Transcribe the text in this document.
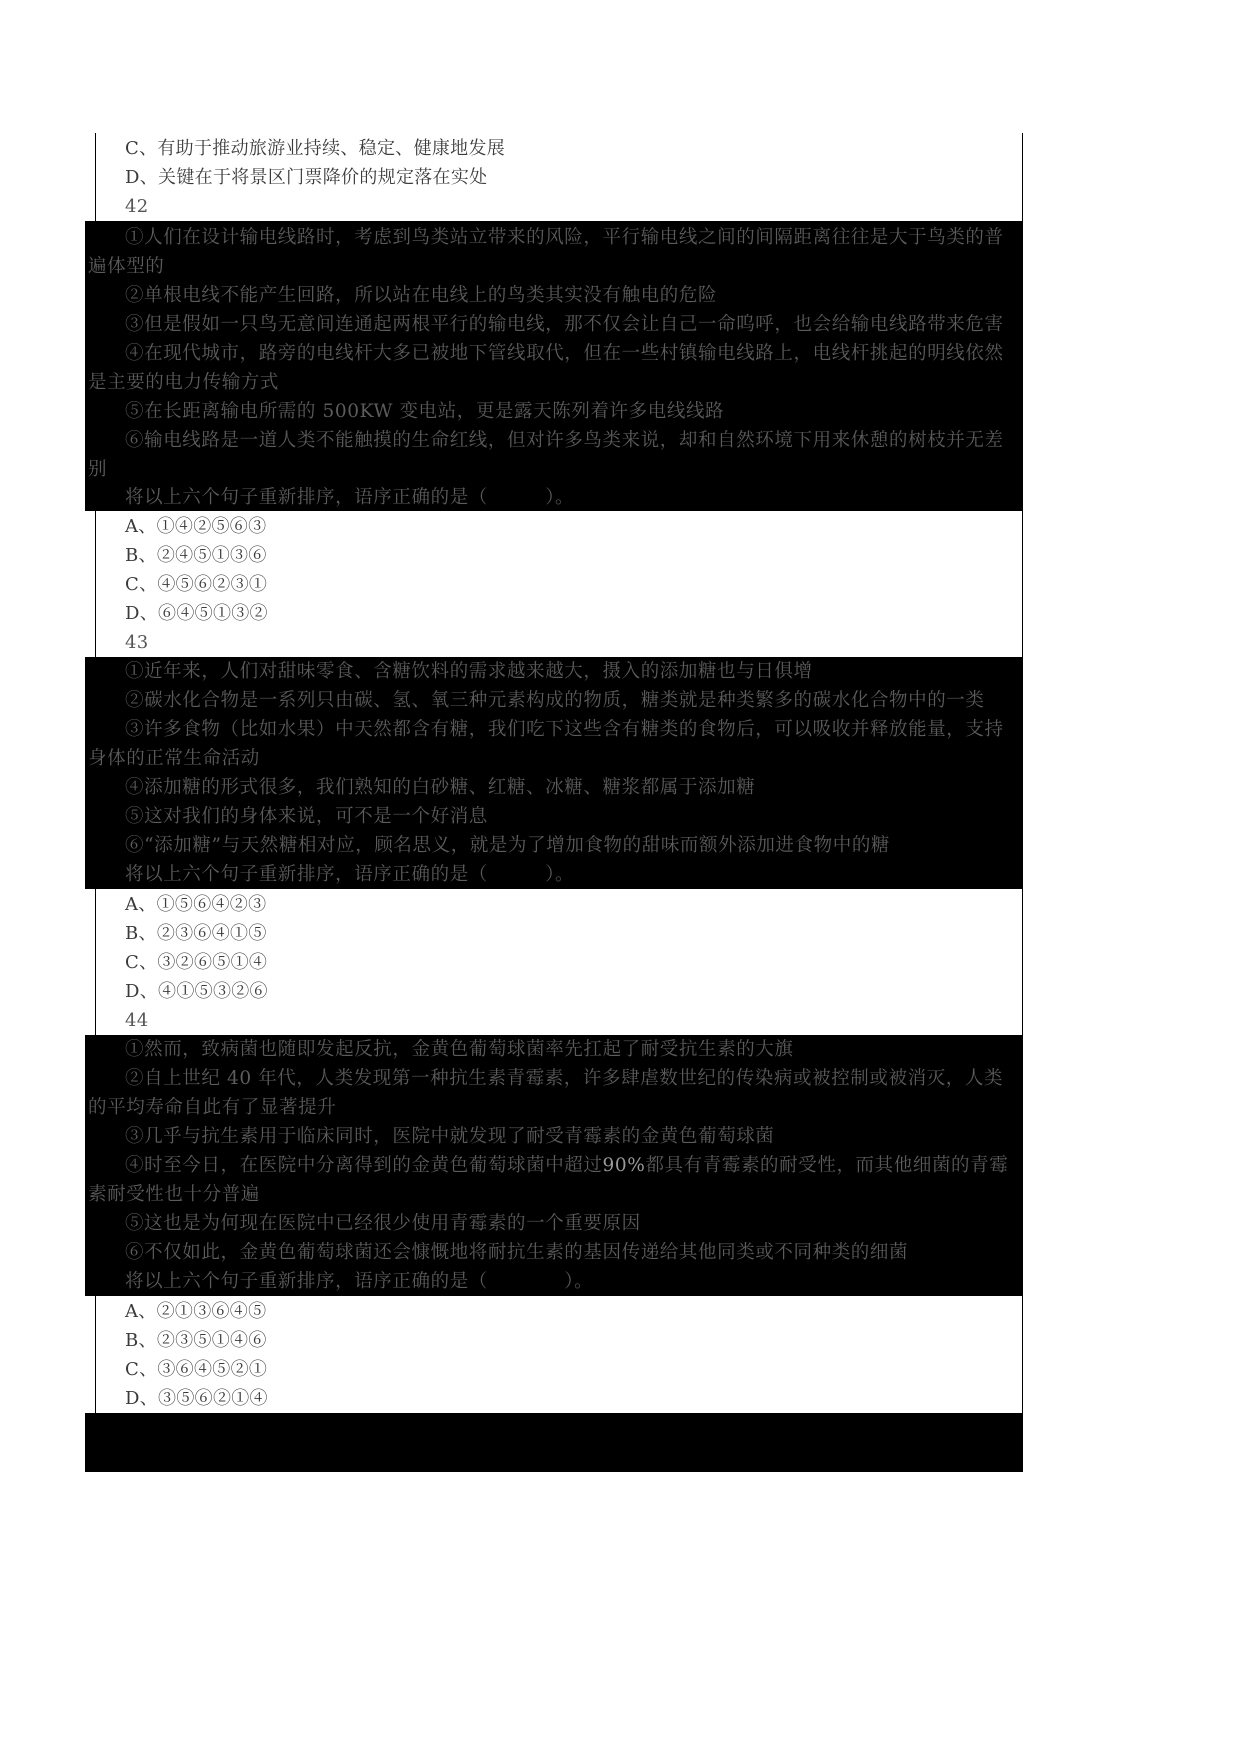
C、有助于推动旅游业持续、稳定、健康地发展
D、关键在于将景区门票降价的规定落在实处
42
①人们在设计输电线路时，考虑到鸟类站立带来的风险，平行输电线之间的间隔距离往往是大于鸟类的普
遍体型的
②单根电线不能产生回路，所以站在电线上的鸟类其实没有触电的危险
③但是假如一只鸟无意间连通起两根平行的输电线，那不仅会让自己一命呜呼，也会给输电线路带来危害
④在现代城市，路旁的电线杆大多已被地下管线取代，但在一些村镇输电线路上，电线杆挑起的明线依然
是主要的电力传输方式
⑤在长距离输电所需的 500KW 变电站，更是露天陈列着许多电线线路
⑥输电线路是一道人类不能触摸的生命红线，但对许多鸟类来说，却和自然环境下用来休憩的树枝并无差
别
将以上六个句子重新排序，语序正确的是（　　　）。
A、①④②⑤⑥③
B、②④⑤①③⑥
C、④⑤⑥②③①
D、⑥④⑤①③②
43
①近年来，人们对甜味零食、含糖饮料的需求越来越大，摄入的添加糖也与日俱增
②碳水化合物是一系列只由碳、氢、氧三种元素构成的物质，糖类就是种类繁多的碳水化合物中的一类
③许多食物（比如水果）中天然都含有糖，我们吃下这些含有糖类的食物后，可以吸收并释放能量，支持
身体的正常生命活动
④添加糖的形式很多，我们熟知的白砂糖、红糖、冰糖、糖浆都属于添加糖
⑤这对我们的身体来说，可不是一个好消息
⑥“添加糖”与天然糖相对应，顾名思义，就是为了增加食物的甜味而额外添加进食物中的糖
将以上六个句子重新排序，语序正确的是（　　　）。
A、①⑤⑥④②③
B、②③⑥④①⑤
C、③②⑥⑤①④
D、④①⑤③②⑥
44
①然而，致病菌也随即发起反抗，金黄色葡萄球菌率先扛起了耐受抗生素的大旗
②自上世纪 40 年代，人类发现第一种抗生素青霉素，许多肆虐数世纪的传染病或被控制或被消灭，人类
的平均寿命自此有了显著提升
③几乎与抗生素用于临床同时，医院中就发现了耐受青霉素的金黄色葡萄球菌
④时至今日，在医院中分离得到的金黄色葡萄球菌中超过90%都具有青霉素的耐受性，而其他细菌的青霉
素耐受性也十分普遍
⑤这也是为何现在医院中已经很少使用青霉素的一个重要原因
⑥不仅如此，金黄色葡萄球菌还会慷慨地将耐抗生素的基因传递给其他同类或不同种类的细菌
将以上六个句子重新排序，语序正确的是（　　　　）。
A、②①③⑥④⑤
B、②③⑤①④⑥
C、③⑥④⑤②①
D、③⑤⑥②①④
